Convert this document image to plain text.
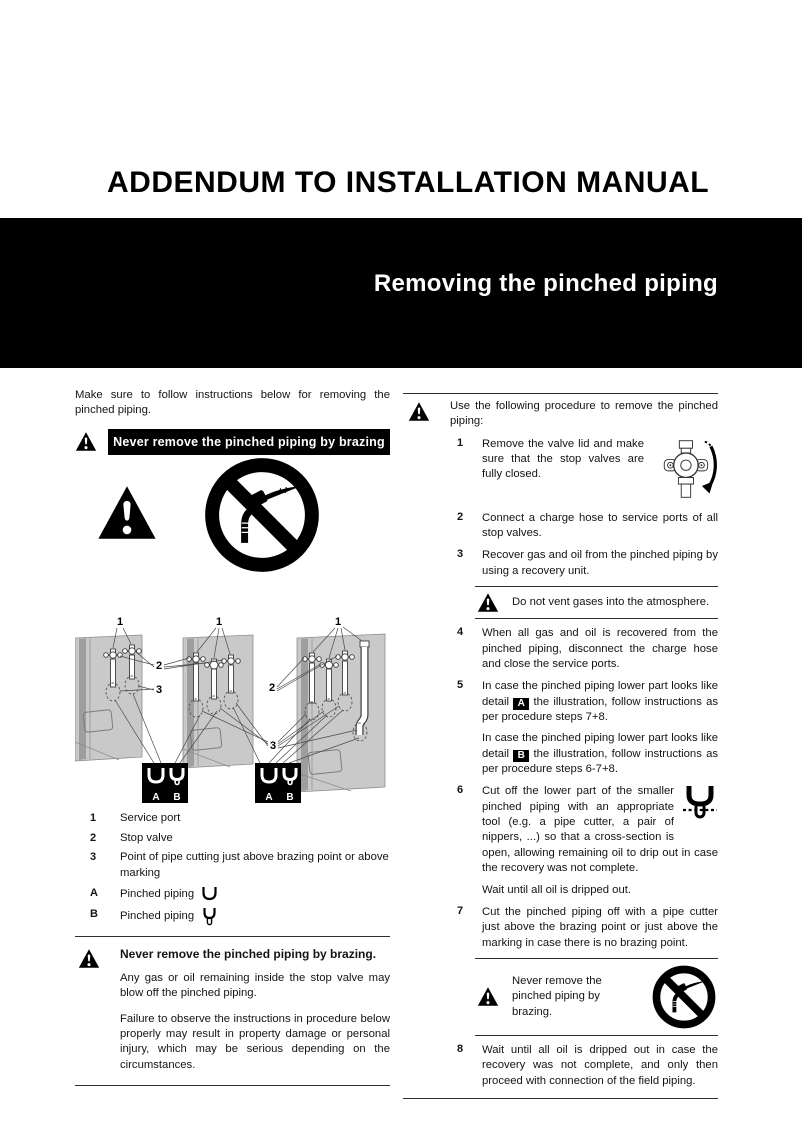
ADDENDUM TO INSTALLATION MANUAL

Removing the pinched piping

Make sure to follow instructions below for removing the pinched piping.

Never remove the pinched piping by brazing
1	1	1
2
3	2
3
A B	A B
1	Service port
2	Stop valve
3	Point of pipe cutting just above brazing point or above marking
A	Pinched piping
B	Pinched piping

Never remove the pinched piping by brazing.

Any gas or oil remaining inside the stop valve may blow off the pinched piping.

Failure to observe the instructions in procedure below properly may result in property damage or personal injury, which may be serious depending on the circumstances.

Use the following procedure to remove the pinched piping:

1 Remove the valve lid and make sure that the stop valves are fully closed.

2 Connect a charge hose to service ports of all stop valves.

3 Recover gas and oil from the pinched piping by using a recovery unit.

Do not vent gases into the atmosphere.
4 When all gas and oil is recovered from the pinched piping, disconnect the charge hose and close the service ports.

5 In case the pinched piping lower part looks like detail A the illustration, follow instructions as per procedure steps 7+8.

In case the pinched piping lower part looks like detail B the illustration, follow instructions as per procedure steps 6-7+8.

6 Cut off the lower part of the smaller pinched piping with an appropriate tool (e.g. a pipe cutter, a pair of nippers, ...) so that a cross-section is open, allowing remaining oil to drip out in case the recovery was not complete.

Wait until all oil is dripped out.

7 Cut the pinched piping off with a pipe cutter just above the brazing point or just above the marking in case there is no brazing point.

Never remove the pinched piping by brazing.
8 Wait until all oil is dripped out in case the recovery was not complete, and only then proceed with connection of the field piping.
